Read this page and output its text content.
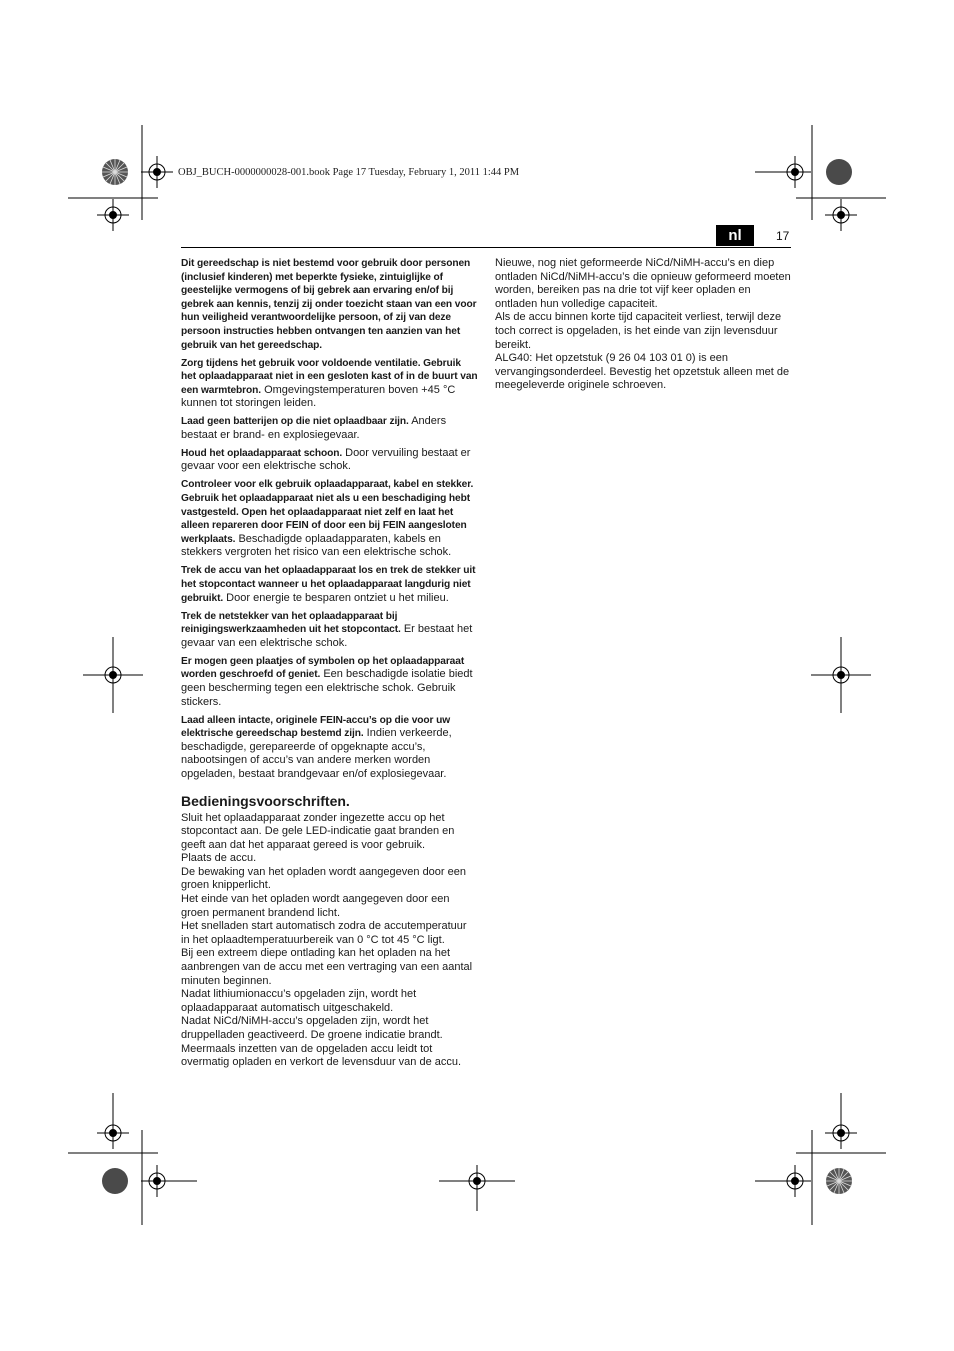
OBJ_BUCH-0000000028-001.book Page 17 Tuesday, February 1, 2011 1:44 PM
nl	17

Dit gereedschap is niet bestemd voor gebruik door personen (inclusief kinderen) met beperkte fysieke, zintuiglijke of geestelijke vermogens of bij gebrek aan ervaring en/of bij gebrek aan kennis, tenzij zij onder toezicht staan van een voor hun veiligheid verantwoordelijke persoon, of zij van deze persoon instructies hebben ontvangen ten aanzien van het gebruik van het gereedschap.

Zorg tijdens het gebruik voor voldoende ventilatie. Gebruik het oplaadapparaat niet in een gesloten kast of in de buurt van een warmtebron. Omgevingstemperaturen boven +45 °C kunnen tot storingen leiden.

Laad geen batterijen op die niet oplaadbaar zijn. Anders bestaat er brand- en explosiegevaar.

Houd het oplaadapparaat schoon. Door vervuiling bestaat er gevaar voor een elektrische schok.

Controleer voor elk gebruik oplaadapparaat, kabel en stekker. Gebruik het oplaadapparaat niet als u een beschadiging hebt vastgesteld. Open het oplaadapparaat niet zelf en laat het alleen repareren door FEIN of door een bij FEIN aangesloten werkplaats. Beschadigde oplaadapparaten, kabels en stekkers vergroten het risico van een elektrische schok.

Trek de accu van het oplaadapparaat los en trek de stekker uit het stopcontact wanneer u het oplaadapparaat langdurig niet gebruikt. Door energie te besparen ontziet u het milieu.

Trek de netstekker van het oplaadapparaat bij reinigingswerkzaamheden uit het stopcontact. Er bestaat het gevaar van een elektrische schok.

Er mogen geen plaatjes of symbolen op het oplaadapparaat worden geschroefd of geniet. Een beschadigde isolatie biedt geen bescherming tegen een elektrische schok. Gebruik stickers.

Laad alleen intacte, originele FEIN-accu’s op die voor uw elektrische gereedschap bestemd zijn. Indien verkeerde, beschadigde, gerepareerde of opgeknapte accu’s, nabootsingen of accu’s van andere merken worden opgeladen, bestaat brandgevaar en/of explosiegevaar.

Bedieningsvoorschriften.

Sluit het oplaadapparaat zonder ingezette accu op het stopcontact aan. De gele LED-indicatie gaat branden en geeft aan dat het apparaat gereed is voor gebruik.

Plaats de accu.

De bewaking van het opladen wordt aangegeven door een groen knipperlicht.

Het einde van het opladen wordt aangegeven door een groen permanent brandend licht.

Het snelladen start automatisch zodra de accutemperatuur in het oplaadtemperatuurbereik van 0 °C tot 45 °C ligt.

Bij een extreem diepe ontlading kan het opladen na het aanbrengen van de accu met een vertraging van een aantal minuten beginnen.

Nadat lithiumionaccu’s opgeladen zijn, wordt het oplaadapparaat automatisch uitgeschakeld.

Nadat NiCd/NiMH-accu’s opgeladen zijn, wordt het druppelladen geactiveerd. De groene indicatie brandt.

Meermaals inzetten van de opgeladen accu leidt tot overmatig opladen en verkort de levensduur van de accu.

Nieuwe, nog niet geformeerde NiCd/NiMH-accu’s en diep ontladen NiCd/NiMH-accu’s die opnieuw geformeerd moeten worden, bereiken pas na drie tot vijf keer opladen en ontladen hun volledige capaciteit.

Als de accu binnen korte tijd capaciteit verliest, terwijl deze toch correct is opgeladen, is het einde van zijn levensduur bereikt.

ALG40: Het opzetstuk (9 26 04 103 01 0) is een vervangingsonderdeel. Bevestig het opzetstuk alleen met de meegeleverde originele schroeven.
